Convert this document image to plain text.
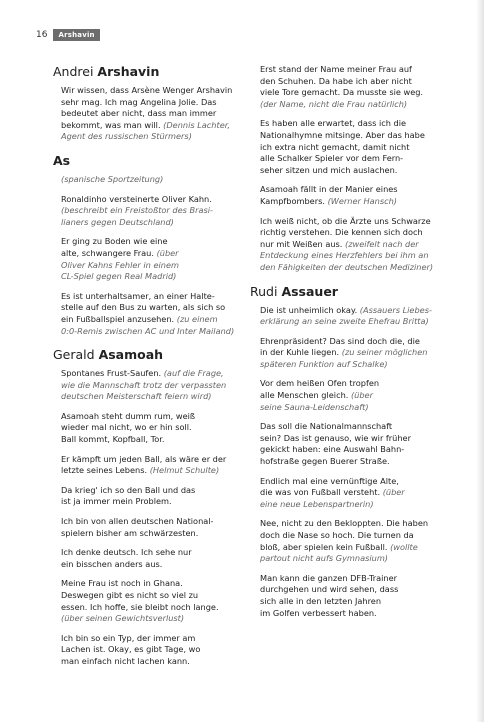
16	Arshavin
Andrei Arshavin

Wir wissen, dass Arsène Wenger Arshavin
sehr mag. Ich mag Angelina Jolie. Das
bedeutet aber nicht, dass man immer
bekommt, was man will. (Dennis Lachter,
Agent des russischen Stürmers)

As

(spanische Sportzeitung)

Ronaldinho versteinerte Oliver Kahn.
(beschreibt ein Freistoßtor des Brasi-
lianers gegen Deutschland)

Er ging zu Boden wie eine
alte, schwangere Frau. (über
Oliver Kahns Fehler in einem
CL-Spiel gegen Real Madrid)

Es ist unterhaltsamer, an einer Halte-
stelle auf den Bus zu warten, als sich so
ein Fußballspiel anzusehen. (zu einem
0:0-Remis zwischen AC und Inter Mailand)

Gerald Asamoah

Spontanes Frust-Saufen. (auf die Frage,
wie die Mannschaft trotz der verpassten
deutschen Meisterschaft feiern wird)

Asamoah steht dumm rum, weiß
wieder mal nicht, wo er hin soll.
Ball kommt, Kopfball, Tor.

Er kämpft um jeden Ball, als wäre er der
letzte seines Lebens. (Helmut Schulte)

Da krieg' ich so den Ball und das
ist ja immer mein Problem.

Ich bin von allen deutschen National-
spielern bisher am schwärzesten.

Ich denke deutsch. Ich sehe nur
ein bisschen anders aus.

Meine Frau ist noch in Ghana.
Deswegen gibt es nicht so viel zu
essen. Ich hoffe, sie bleibt noch lange.
(über seinen Gewichtsverlust)

Ich bin so ein Typ, der immer am
Lachen ist. Okay, es gibt Tage, wo
man einfach nicht lachen kann.

Erst stand der Name meiner Frau auf
den Schuhen. Da habe ich aber nicht
viele Tore gemacht. Da musste sie weg.
(der Name, nicht die Frau natürlich)

Es haben alle erwartet, dass ich die
Nationalhymne mitsinge. Aber das habe
ich extra nicht gemacht, damit nicht
alle Schalker Spieler vor dem Fern-
seher sitzen und mich auslachen.

Asamoah fällt in der Manier eines
Kampfbombers. (Werner Hansch)

Ich weiß nicht, ob die Ärzte uns Schwarze
richtig verstehen. Die kennen sich doch
nur mit Weißen aus. (zweifelt nach der
Entdeckung eines Herzfehlers bei ihm an
den Fähigkeiten der deutschen Mediziner)

Rudi Assauer

Die ist unheimlich okay. (Assauers Liebes-
erklärung an seine zweite Ehefrau Britta)

Ehrenpräsident? Das sind doch die, die
in der Kuhle liegen. (zu seiner möglichen
späteren Funktion auf Schalke)

Vor dem heißen Ofen tropfen
alle Menschen gleich. (über
seine Sauna-Leidenschaft)

Das soll die Nationalmannschaft
sein? Das ist genauso, wie wir früher
gekickt haben: eine Auswahl Bahn-
hofstraße gegen Buerer Straße.

Endlich mal eine vernünftige Alte,
die was von Fußball versteht. (über
eine neue Lebenspartnerin)

Nee, nicht zu den Bekloppten. Die haben
doch die Nase so hoch. Die turnen da
bloß, aber spielen kein Fußball. (wollte
partout nicht aufs Gymnasium)

Man kann die ganzen DFB-Trainer
durchgehen und wird sehen, dass
sich alle in den letzten Jahren
im Golfen verbessert haben.
